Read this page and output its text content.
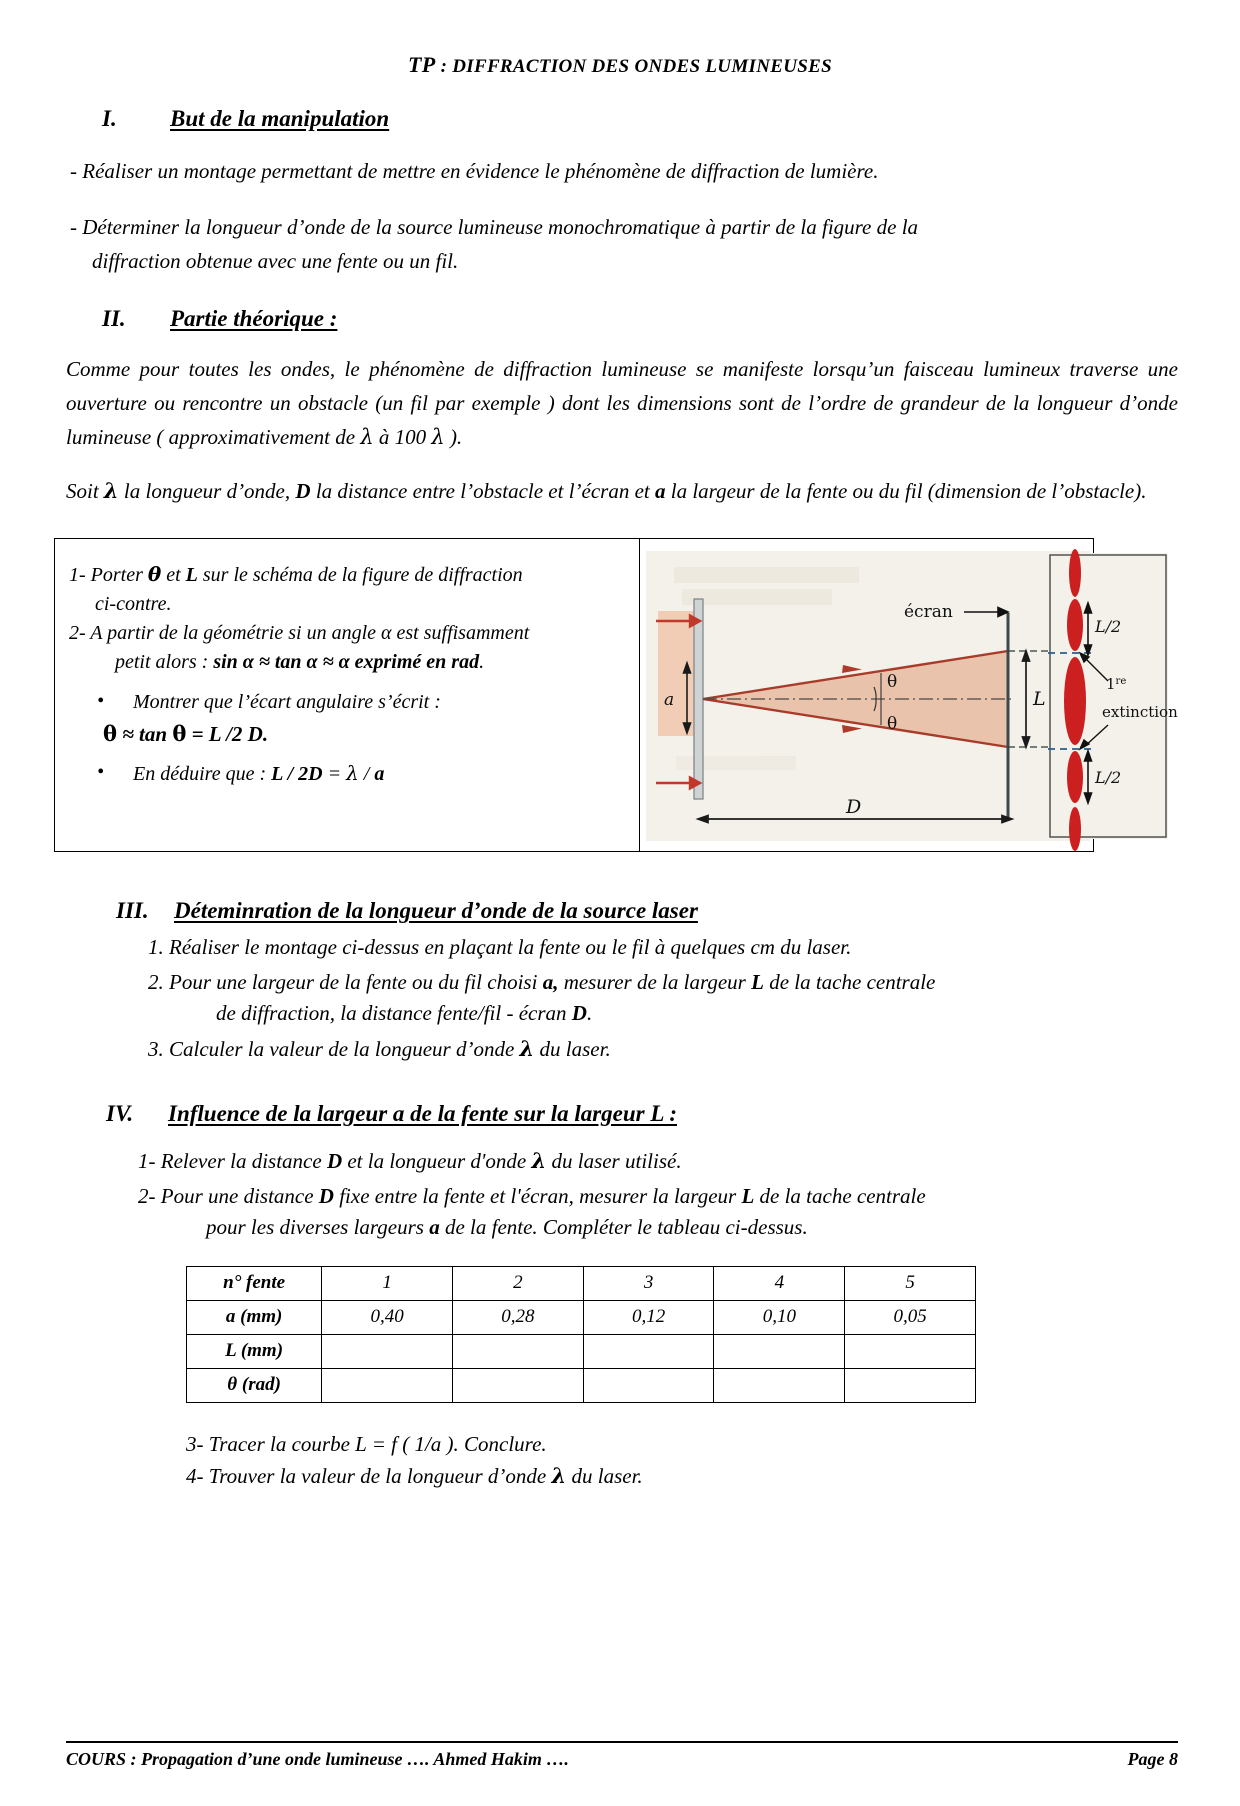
TP : DIFFRACTION DES ONDES LUMINEUSES
I.	But de la manipulation

- Réaliser un montage permettant de mettre en évidence le phénomène de diffraction de lumière.

- Déterminer la longueur d’onde de la source lumineuse monochromatique à partir de la figure de la
diffraction obtenue avec une fente ou un fil.

II.	Partie théorique :

Comme pour toutes les ondes, le phénomène de diffraction lumineuse se manifeste lorsqu’un faisceau lumineux traverse une ouverture ou rencontre un obstacle (un fil par exemple ) dont les dimensions sont de l’ordre de grandeur de la longueur d’onde lumineuse ( approximativement de λ à 100 λ ).

Soit λ la longueur d’onde, D la distance entre l’obstacle et l’écran et a la largeur de la fente ou du fil (dimension de l’obstacle).

1- Porter θ et L sur le schéma de la figure de diffraction
ci-contre.
2- A partir de la géométrie si un angle α est suffisamment
petit alors : sin α ≈ tan α ≈ α exprimé en rad.
• Montrer que l’écart angulaire s’écrit :
θ ≈ tan θ = L /2 D.
• En déduire que : L / 2D = λ / a
a
θ
θ
écran
L
D
L/2
L/2
1re
extinction
III.	Déteminration de la longueur d’onde de la source laser
1. Réaliser le montage ci-dessus en plaçant la fente ou le fil à quelques cm du laser.
2. Pour une largeur de la fente ou du fil choisi a, mesurer de la largeur L de la tache centrale
de diffraction, la distance fente/fil - écran D.
3. Calculer la valeur de la longueur d’onde λ du laser.
IV.	Influence de la largeur a de la fente sur la largeur L :
1- Relever la distance D et la longueur d'onde λ du laser utilisé.
2- Pour une distance D fixe entre la fente et l'écran, mesurer la largeur L de la tache centrale
pour les diverses largeurs a de la fente. Compléter le tableau ci-dessus.
n° fente	1	2	3	4	5
a (mm)	0,40	0,28	0,12	0,10	0,05
L (mm)					
θ (rad)					
3- Tracer la courbe L = f ( 1/a ). Conclure.
4- Trouver la valeur de la longueur d’onde λ du laser.
COURS : Propagation d’une onde lumineuse …. Ahmed Hakim ….	Page 8
